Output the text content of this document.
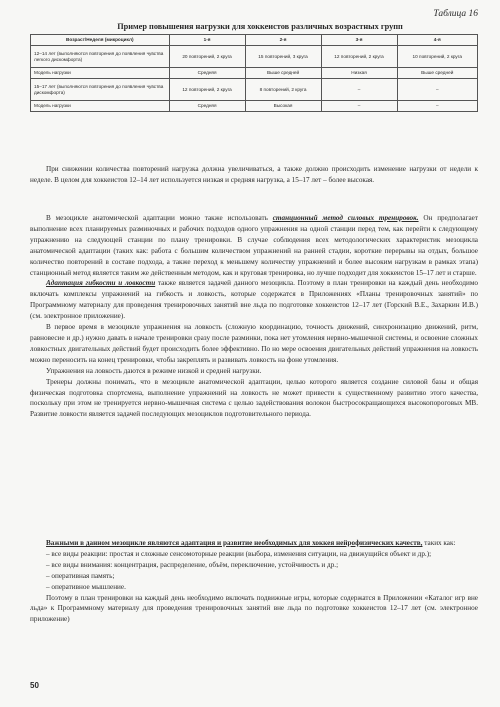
Таблица 16
Пример повышения нагрузки для хоккеистов различных возрастных групп
Возраст/Неделя (микроцикл)	1-я	2-я	3-я	4-я
12–14 лет (выполняются повторения до появления чувства легкого дискомфорта)	20 повторений, 2 круга	15 повторений, 3 круга	12 повторений, 2 круга	10 повторений, 2 круга
Модель нагрузки	Средняя	Выше средней	Низкая	Выше средней
15–17 лет (выполняются повторения до появления чувства дискомфорта)	12 повторений, 2 круга	8 повторений, 2 круга	–	–
Модель нагрузки	Средняя	Высокая	–	–

При снижении количества повторений нагрузка должна увеличиваться, а также должно происходить изменение нагрузки от недели к неделе. В целом для хоккеистов 12–14 лет используется низкая и средняя нагрузка, а 15–17 лет – более высокая.

В мезоцикле анатомической адаптации можно также использовать станционный метод силовых тренировок. Он предполагает выполнение всех планируемых разминочных и рабочих подходов одного упражнения на одной станции перед тем, как перейти к следующему упражнению на следующей станции по плану тренировки. В случае соблюдения всех методологических характеристик мезоцикла анатомической адаптации (таких как: работа с большим количеством упражнений на ранней стадии, короткие перерывы на отдых, большое количество повторений в составе подхода, а также переход к меньшему количеству упражнений и более высоким нагрузкам в рамках этапа) станционный метод является таким же действенным методом, как и круговая тренировка, но лучше подходит для хоккеистов 15–17 лет и старше.

Адаптация гибкости и ловкости также является задачей данного мезоцикла. Поэтому в план тренировки на каждый день необходимо включать комплексы упражнений на гибкость и ловкость, которые содержатся в Приложениях «Планы тренировочных занятий» по Программному материалу для проведения тренировочных занятий вне льда по подготовке хоккеистов 12–17 лет (Горский В.Е., Захаркин И.В.) (см. электронное приложение).

В первое время в мезоцикле упражнения на ловкость (сложную координацию, точность движений, синхронизацию движений, ритм, равновесие и др.) нужно давать в начале тренировки сразу после разминки, пока нет утомления нервно-мышечной системы, и освоение сложных ловкостных двигательных действий будет происходить более эффективно. По но мере освоения двигательных действий упражнения на ловкость можно переносить на конец тренировки, чтобы закреплять и развивать ловкость на фоне утомления.

Упражнения на ловкость даются в режиме низкой и средней нагрузки.

Тренеры должны понимать, что в мезоцикле анатомической адаптации, целью которого является создание силовой базы и общая физическая подготовка спортсмена, выполнение упражнений на ловкость не может привести к существенному развитию этого качества, поскольку при этом не тренируется нервно-мышечная система с целью задействования волокон быстросокращающихся высокопороговых МВ. Развитие ловкости является задачей последующих мезоциклов подготовительного периода.

Важными в данном мезоцикле являются адаптация и развитие необходимых для хоккея нейрофизических качеств, таких как:

– все виды реакции: простая и сложные сенсомоторные реакции (выбора, изменения ситуации, на движущийся объект и др.);

– все виды внимания: концентрация, распределение, объём, переключение, устойчивость и др.;

– оперативная память;

– оперативное мышление.

Поэтому в план тренировки на каждый день необходимо включать подвижные игры, которые содержатся в Приложении «Каталог игр вне льда» к Программному материалу для проведения тренировочных занятий вне льда по подготовке хоккеистов 12–17 лет (см. электронное приложение)

50
